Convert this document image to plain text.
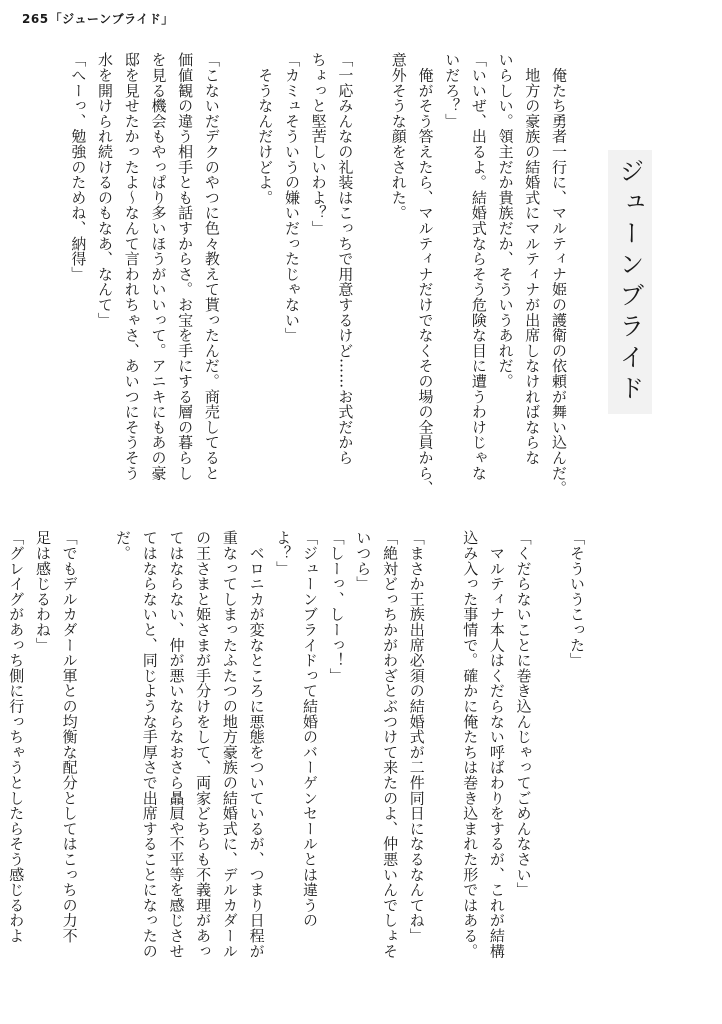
265「ジューンブライド」
ジューンブライド
　俺たち勇者一行に、マルティナ姫の護衛の依頼が舞い込んだ。
　地方の豪族の結婚式にマルティナが出席しなければならな
いらしい。領主だか貴族だか、そういうあれだ。
「いいぜ、出るよ。結婚式ならそう危険な目に遭うわけじゃな
いだろ？」
　俺がそう答えたら、マルティナだけでなくその場の全員から、
意外そうな顔をされた。

「一応みんなの礼装はこっちで用意するけど……お式だから
ちょっと堅苦しいわよ？」
「カミュそういうの嫌いだったじゃない」
　そうなんだけどよ。

「こないだデクのやつに色々教えて貰ったんだ。商売してると
価値観の違う相手とも話すからさ。お宝を手にする層の暮らし
を見る機会もやっぱり多いほうがいいって。アニキにもあの豪
邸を見せたかったよ～なんて言われちゃさ、あいつにそうそう
水を開けられ続けるのもなあ、なんて」
「へーっ、勉強のためね、納得」
「そういうこった」

「くだらないことに巻き込んじゃってごめんなさい」
　マルティナ本人はくだらない呼ばわりをするが、これが結構
込み入った事情で。確かに俺たちは巻き込まれた形ではある。

「まさか王族出席必須の結婚式が二件同日になるなんてね」
「絶対どっちかがわざとぶつけて来たのよ、仲悪いんでしょそ
いつら」
「しーっ、しーっ！」
「ジューンブライドって結婚のバーゲンセールとは違うの
よ？」
　ベロニカが変なところに悪態をついているが、つまり日程が
重なってしまったふたつの地方豪族の結婚式に、デルカダール
の王さまと姫さまが手分けをして、両家どちらも不義理があっ
てはならない、仲が悪いならなおさら贔屓や不平等を感じさせ
てはならないと、同じような手厚さで出席することになったの
だ。

「でもデルカダール軍との均衡な配分としてはこっちの力不
足は感じるわね」
「グレイグがあっち側に行っちゃうとしたらそう感じるわよ
